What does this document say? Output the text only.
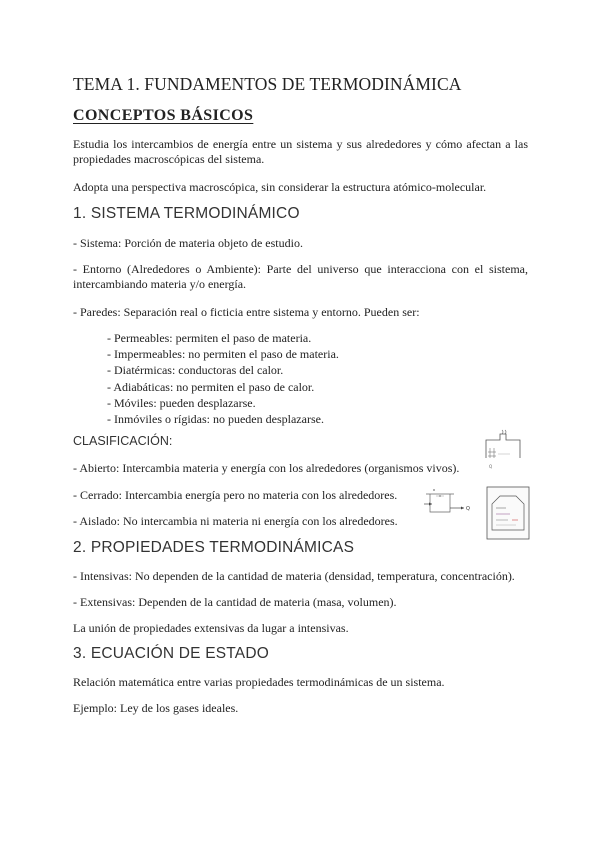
TEMA 1. FUNDAMENTOS DE TERMODINÁMICA
CONCEPTOS BÁSICOS

Estudia los intercambios de energía entre un sistema y sus alrededores y cómo afectan a las propiedades macroscópicas del sistema.

Adopta una perspectiva macroscópica, sin considerar la estructura atómico-molecular.

1. SISTEMA TERMODINÁMICO

- Sistema: Porción de materia objeto de estudio.

- Entorno (Alrededores o Ambiente): Parte del universo que interacciona con el sistema, intercambiando materia y/o energía.

- Paredes: Separación real o ficticia entre sistema y entorno. Pueden ser:

- Permeables: permiten el paso de materia.
- Impermeables: no permiten el paso de materia.
- Diatérmicas: conductoras del calor.
- Adiabáticas: no permiten el paso de calor.
- Móviles: pueden desplazarse.
- Inmóviles o rígidas: no pueden desplazarse.

CLASIFICACIÓN:

- Abierto: Intercambia materia y energía con los alrededores (organismos vivos).

- Cerrado: Intercambia energía pero no materia con los alrededores.

- Aislado: No intercambia ni materia ni energía con los alrededores.

2. PROPIEDADES TERMODINÁMICAS

- Intensivas: No dependen de la cantidad de materia (densidad, temperatura, concentración).

- Extensivas: Dependen de la cantidad de materia (masa, volumen).

La unión de propiedades extensivas da lugar a intensivas.

3. ECUACIÓN DE ESTADO

Relación matemática entre varias propiedades termodinámicas de un sistema.

Ejemplo: Ley de los gases ideales.

Q
Q
